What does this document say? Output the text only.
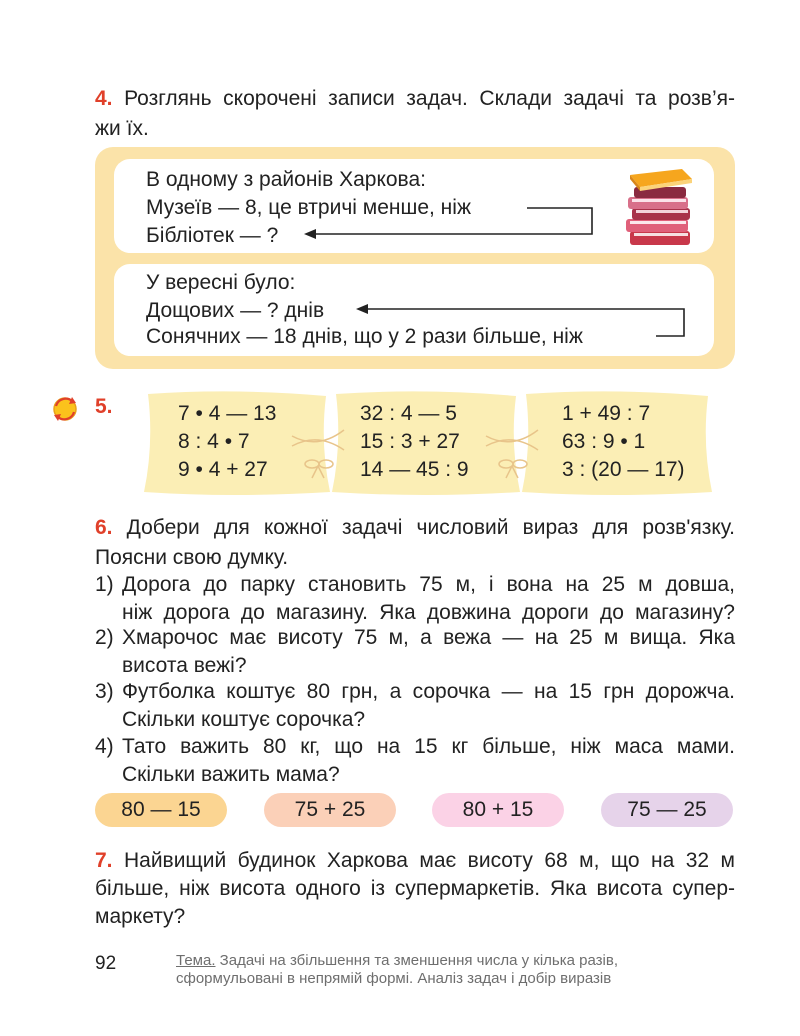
4. Розглянь скорочені записи задач. Склади задачі та розв’я-
жи їх.
В одному з районів Харкова:
Музеїв — 8, це втричі менше, ніж
Бібліотек — ?
У вересні було:
Дощових — ? днів
Сонячних — 18 днів, що у 2 рази більше, ніж
5.	7 • 4 — 13
8 : 4 • 7
9 • 4 + 27
32 : 4 — 5
15 : 3 + 27
14 — 45 : 9
1 + 49 : 7
63 : 9 • 1
3 : (20 — 17)
6. Добери для кожної задачі числовий вираз для розв'язку.
Поясни свою думку.
1) Дорога до парку становить 75 м, і вона на 25 м довша,
ніж дорога до магазину. Яка довжина дороги до магазину?
2) Хмарочос має висоту 75 м, а вежа — на 25 м вища. Яка
висота вежі?
3) Футболка коштує 80 грн, а сорочка — на 15 грн дорожча.
Скільки коштує сорочка?
4) Тато важить 80 кг, що на 15 кг більше, ніж маса мами.
Скільки важить мама?
80 — 15	75 + 25	80 + 15	75 — 25
7. Найвищий будинок Харкова має висоту 68 м, що на 32 м
більше, ніж висота одного із супермаркетів. Яка висота супер-
маркету?
92	Тема. Задачі на збільшення та зменшення числа у кілька разів,
сформульовані в непрямій формі. Аналіз задач і добір виразів
